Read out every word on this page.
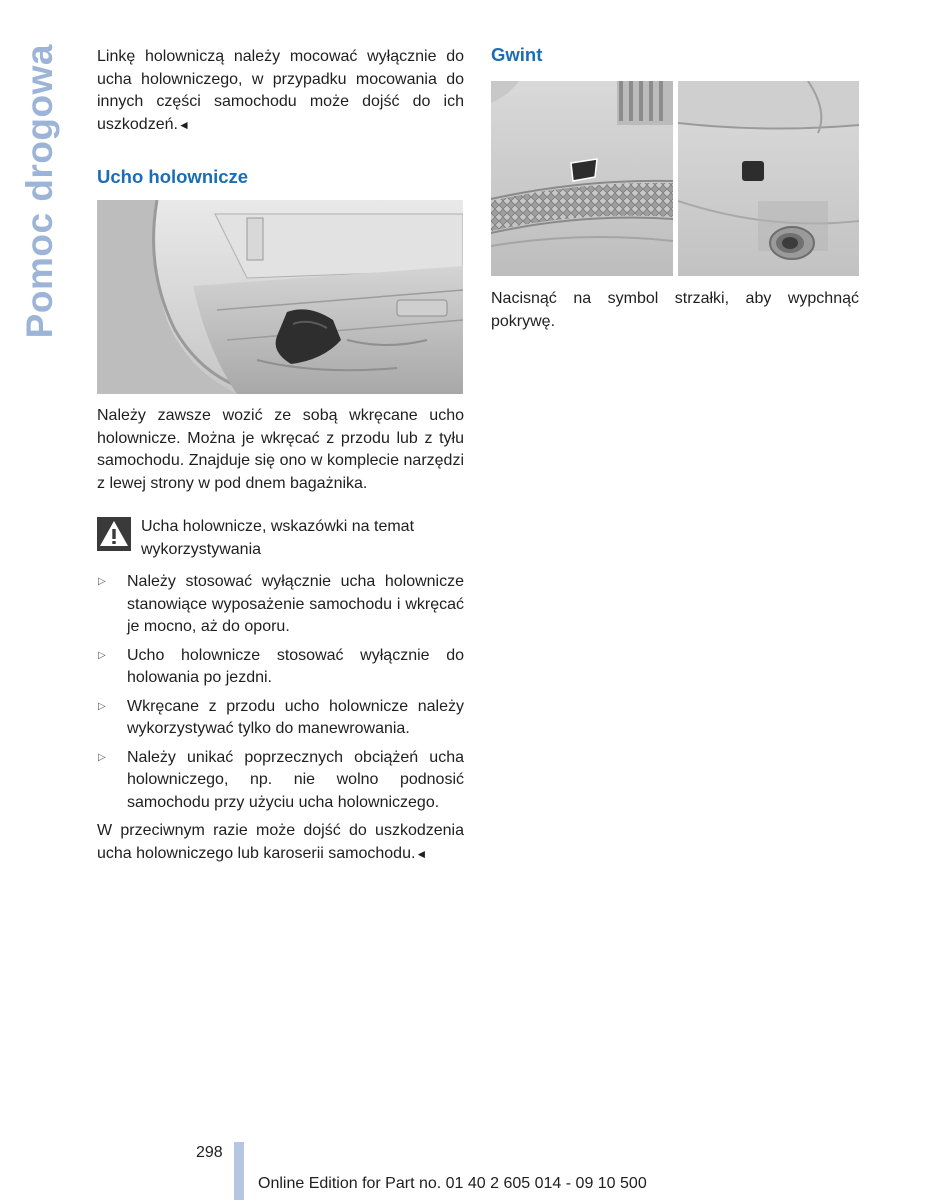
Pomoc drogowa Linkę holowniczą należy mocować wyłącznie do ucha holowniczego, w przypadku mocowania do innych części samochodu może dojść do ich uszkodzeń.◄

Ucho holownicze

Należy zawsze wozić ze sobą wkręcane ucho holownicze. Można je wkręcać z przodu lub z tyłu samochodu. Znajduje się ono w komplecie narzędzi z lewej strony w pod dnem bagażnika.

Ucha holownicze, wskazówki na temat wykorzystywania
▷	Należy stosować wyłącznie ucha holownicze stanowiące wyposażenie samochodu i wkręcać je mocno, aż do oporu.
▷	Ucho holownicze stosować wyłącznie do holowania po jezdni.
▷	Wkręcane z przodu ucho holownicze należy wykorzystywać tylko do manewrowania.
▷	Należy unikać poprzecznych obciążeń ucha holowniczego, np. nie wolno podnosić samochodu przy użyciu ucha holowniczego.

W przeciwnym razie może dojść do uszkodzenia ucha holowniczego lub karoserii samochodu.◄

Gwint

Nacisnąć na symbol strzałki, aby wypchnąć pokrywę.

298
Online Edition for Part no. 01 40 2 605 014 - 09 10 500
